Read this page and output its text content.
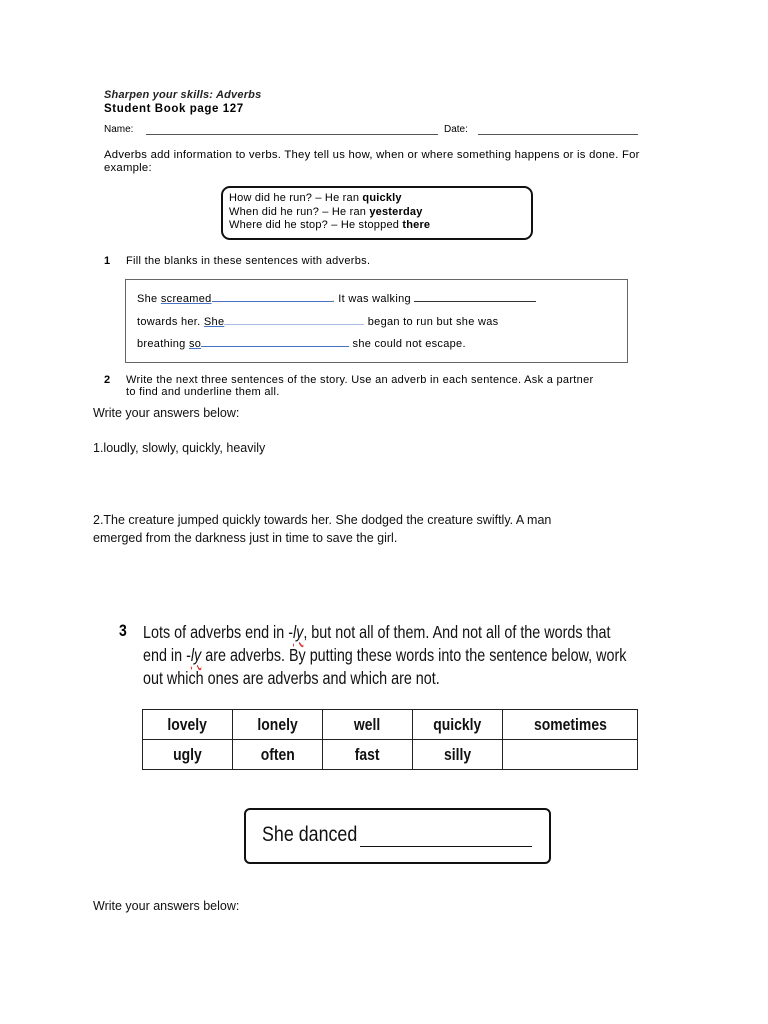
Sharpen your skills: Adverbs
Student Book page 127
Name:	Date:
Adverbs add information to verbs. They tell us how, when or where something happens or is done. For example:
How did he run? – He ran quickly
When did he run? – He ran yesterday
Where did he stop? – He stopped there
1 Fill the blanks in these sentences with adverbs.
She screamed	. It was walking
towards her. She	began to run but she was
breathing so	she could not escape.
2 Write the next three sentences of the story. Use an adverb in each sentence. Ask a partner to find and underline them all.
Write your answers below:
1.loudly, slowly, quickly, heavily
2.The creature jumped quickly towards her. She dodged the creature swiftly. A man
emerged from the darkness just in time to save the girl.
3 Lots of adverbs end in -ly, but not all of them. And not all of the words that
end in -ly are adverbs. By putting these words into the sentence below, work
out which ones are adverbs and which are not.
lovely	lonely	well	quickly	sometimes
ugly	often	fast	silly	
She danced
Write your answers below:
